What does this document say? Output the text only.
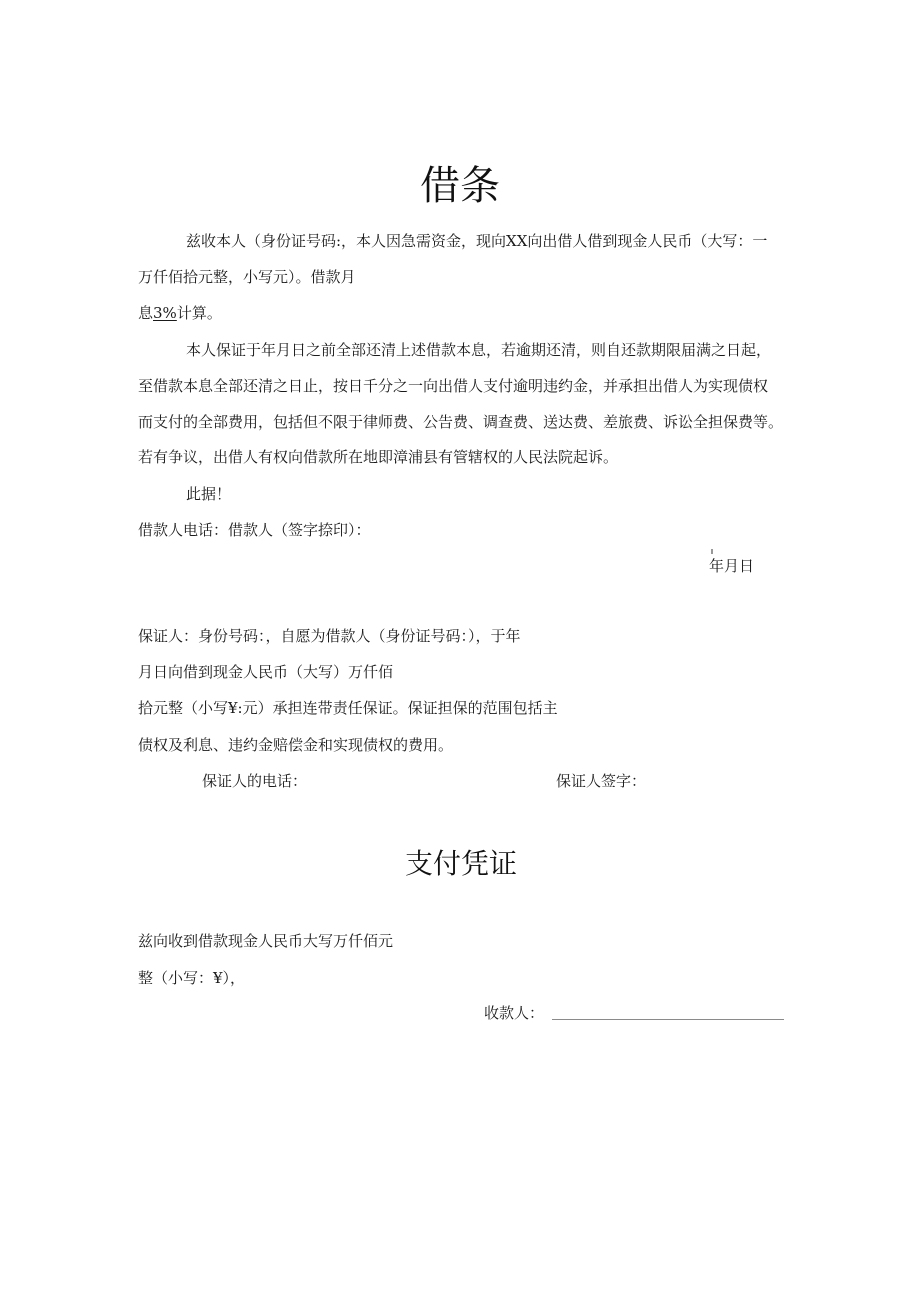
借条
兹收本人（身份证号码:，本人因急需资金，现向XX向出借人借到现金人民币（大写：一
万仟佰拾元整，小写元）。借款月
息3%计算。
本人保证于年月日之前全部还清上述借款本息，若逾期还清，则自还款期限届满之日起，
至借款本息全部还清之日止，按日千分之一向出借人支付逾明违约金，并承担出借人为实现债权
而支付的全部费用，包括但不限于律师费、公告费、调查费、送达费、差旅费、诉讼全担保费等。
若有争议，出借人有权向借款所在地即漳浦县有管辖权的人民法院起诉。
此据！
借款人电话：借款人（签字捺印）：
年月日
保证人：身份号码：，自愿为借款人（身份证号码：），于年
月日向借到现金人民币（大写）万仟佰
拾元整（小写¥:元）承担连带责任保证。保证担保的范围包括主
债权及利息、违约金赔偿金和实现债权的费用。
保证人的电话：	保证人签字：
支付凭证
兹向收到借款现金人民币大写万仟佰元
整（小写：¥），
收款人：
